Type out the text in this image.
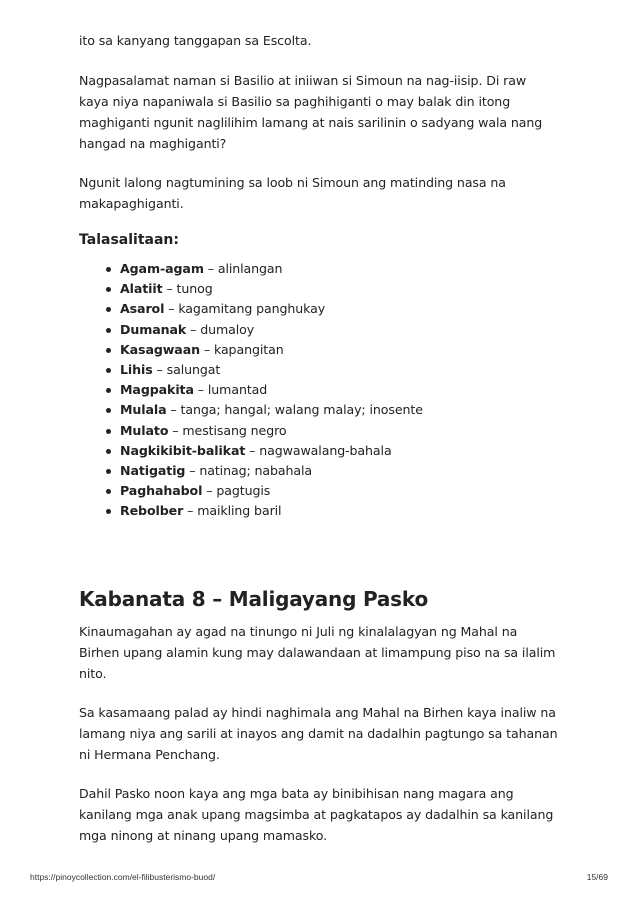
ito sa kanyang tanggapan sa Escolta.

Nagpasalamat naman si Basilio at iniiwan si Simoun na nag-iisip. Di raw kaya niya napaniwala si Basilio sa paghihiganti o may balak din itong maghiganti ngunit naglilihim lamang at nais sarilinin o sadyang wala nang hangad na maghiganti?

Ngunit lalong nagtumining sa loob ni Simoun ang matinding nasa na makapaghiganti.

Talasalitaan:
Agam-agam – alinlangan
Alatiit – tunog
Asarol – kagamitang panghukay
Dumanak – dumaloy
Kasagwaan – kapangitan
Lihis – salungat
Magpakita – lumantad
Mulala – tanga; hangal; walang malay; inosente
Mulato – mestisang negro
Nagkikibit-balikat – nagwawalang-bahala
Natigatig – natinag; nabahala
Paghahabol – pagtugis
Rebolber – maikling baril
Kabanata 8 – Maligayang Pasko

Kinaumagahan ay agad na tinungo ni Juli ng kinalalagyan ng Mahal na Birhen upang alamin kung may dalawandaan at limampung piso na sa ilalim nito.

Sa kasamaang palad ay hindi naghimala ang Mahal na Birhen kaya inaliw na lamang niya ang sarili at inayos ang damit na dadalhin pagtungo sa tahanan ni Hermana Penchang.

Dahil Pasko noon kaya ang mga bata ay binibihisan nang magara ang kanilang mga anak upang magsimba at pagkatapos ay dadalhin sa kanilang mga ninong at ninang upang mamasko.

https://pinoycollection.com/el-filibusterismo-buod/	15/69
